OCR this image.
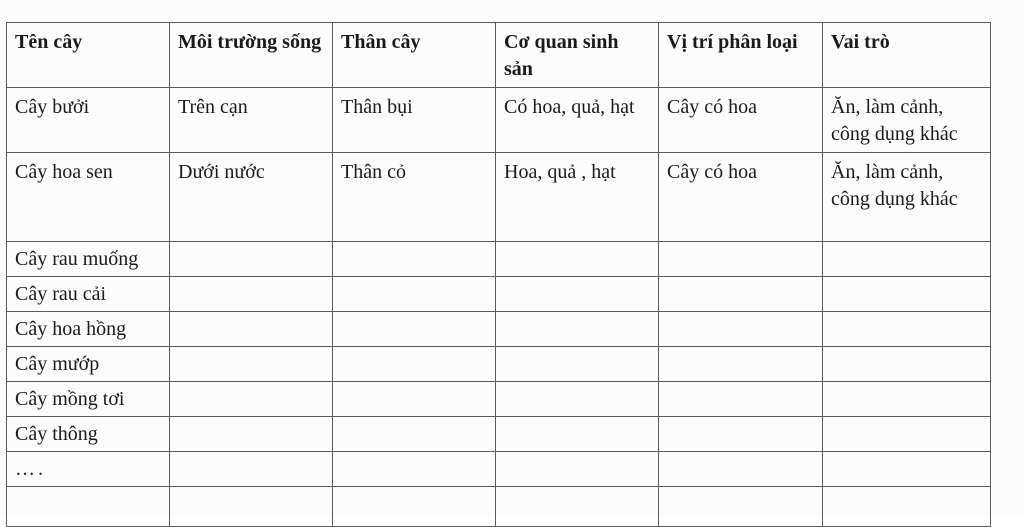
Tên cây	Môi trường sống	Thân cây	Cơ quan sinh sản	Vị trí phân loại	Vai trò
Cây bưởi	Trên cạn	Thân bụi	Có hoa, quả, hạt	Cây có hoa	Ăn, làm cảnh, công dụng khác
Cây hoa sen	Dưới nước	Thân cỏ	Hoa, quả , hạt	Cây có hoa	Ăn, làm cảnh, công dụng khác
Cây rau muống					
Cây rau cải					
Cây hoa hồng					
Cây mướp					
Cây mồng tơi					
Cây thông					
….					
